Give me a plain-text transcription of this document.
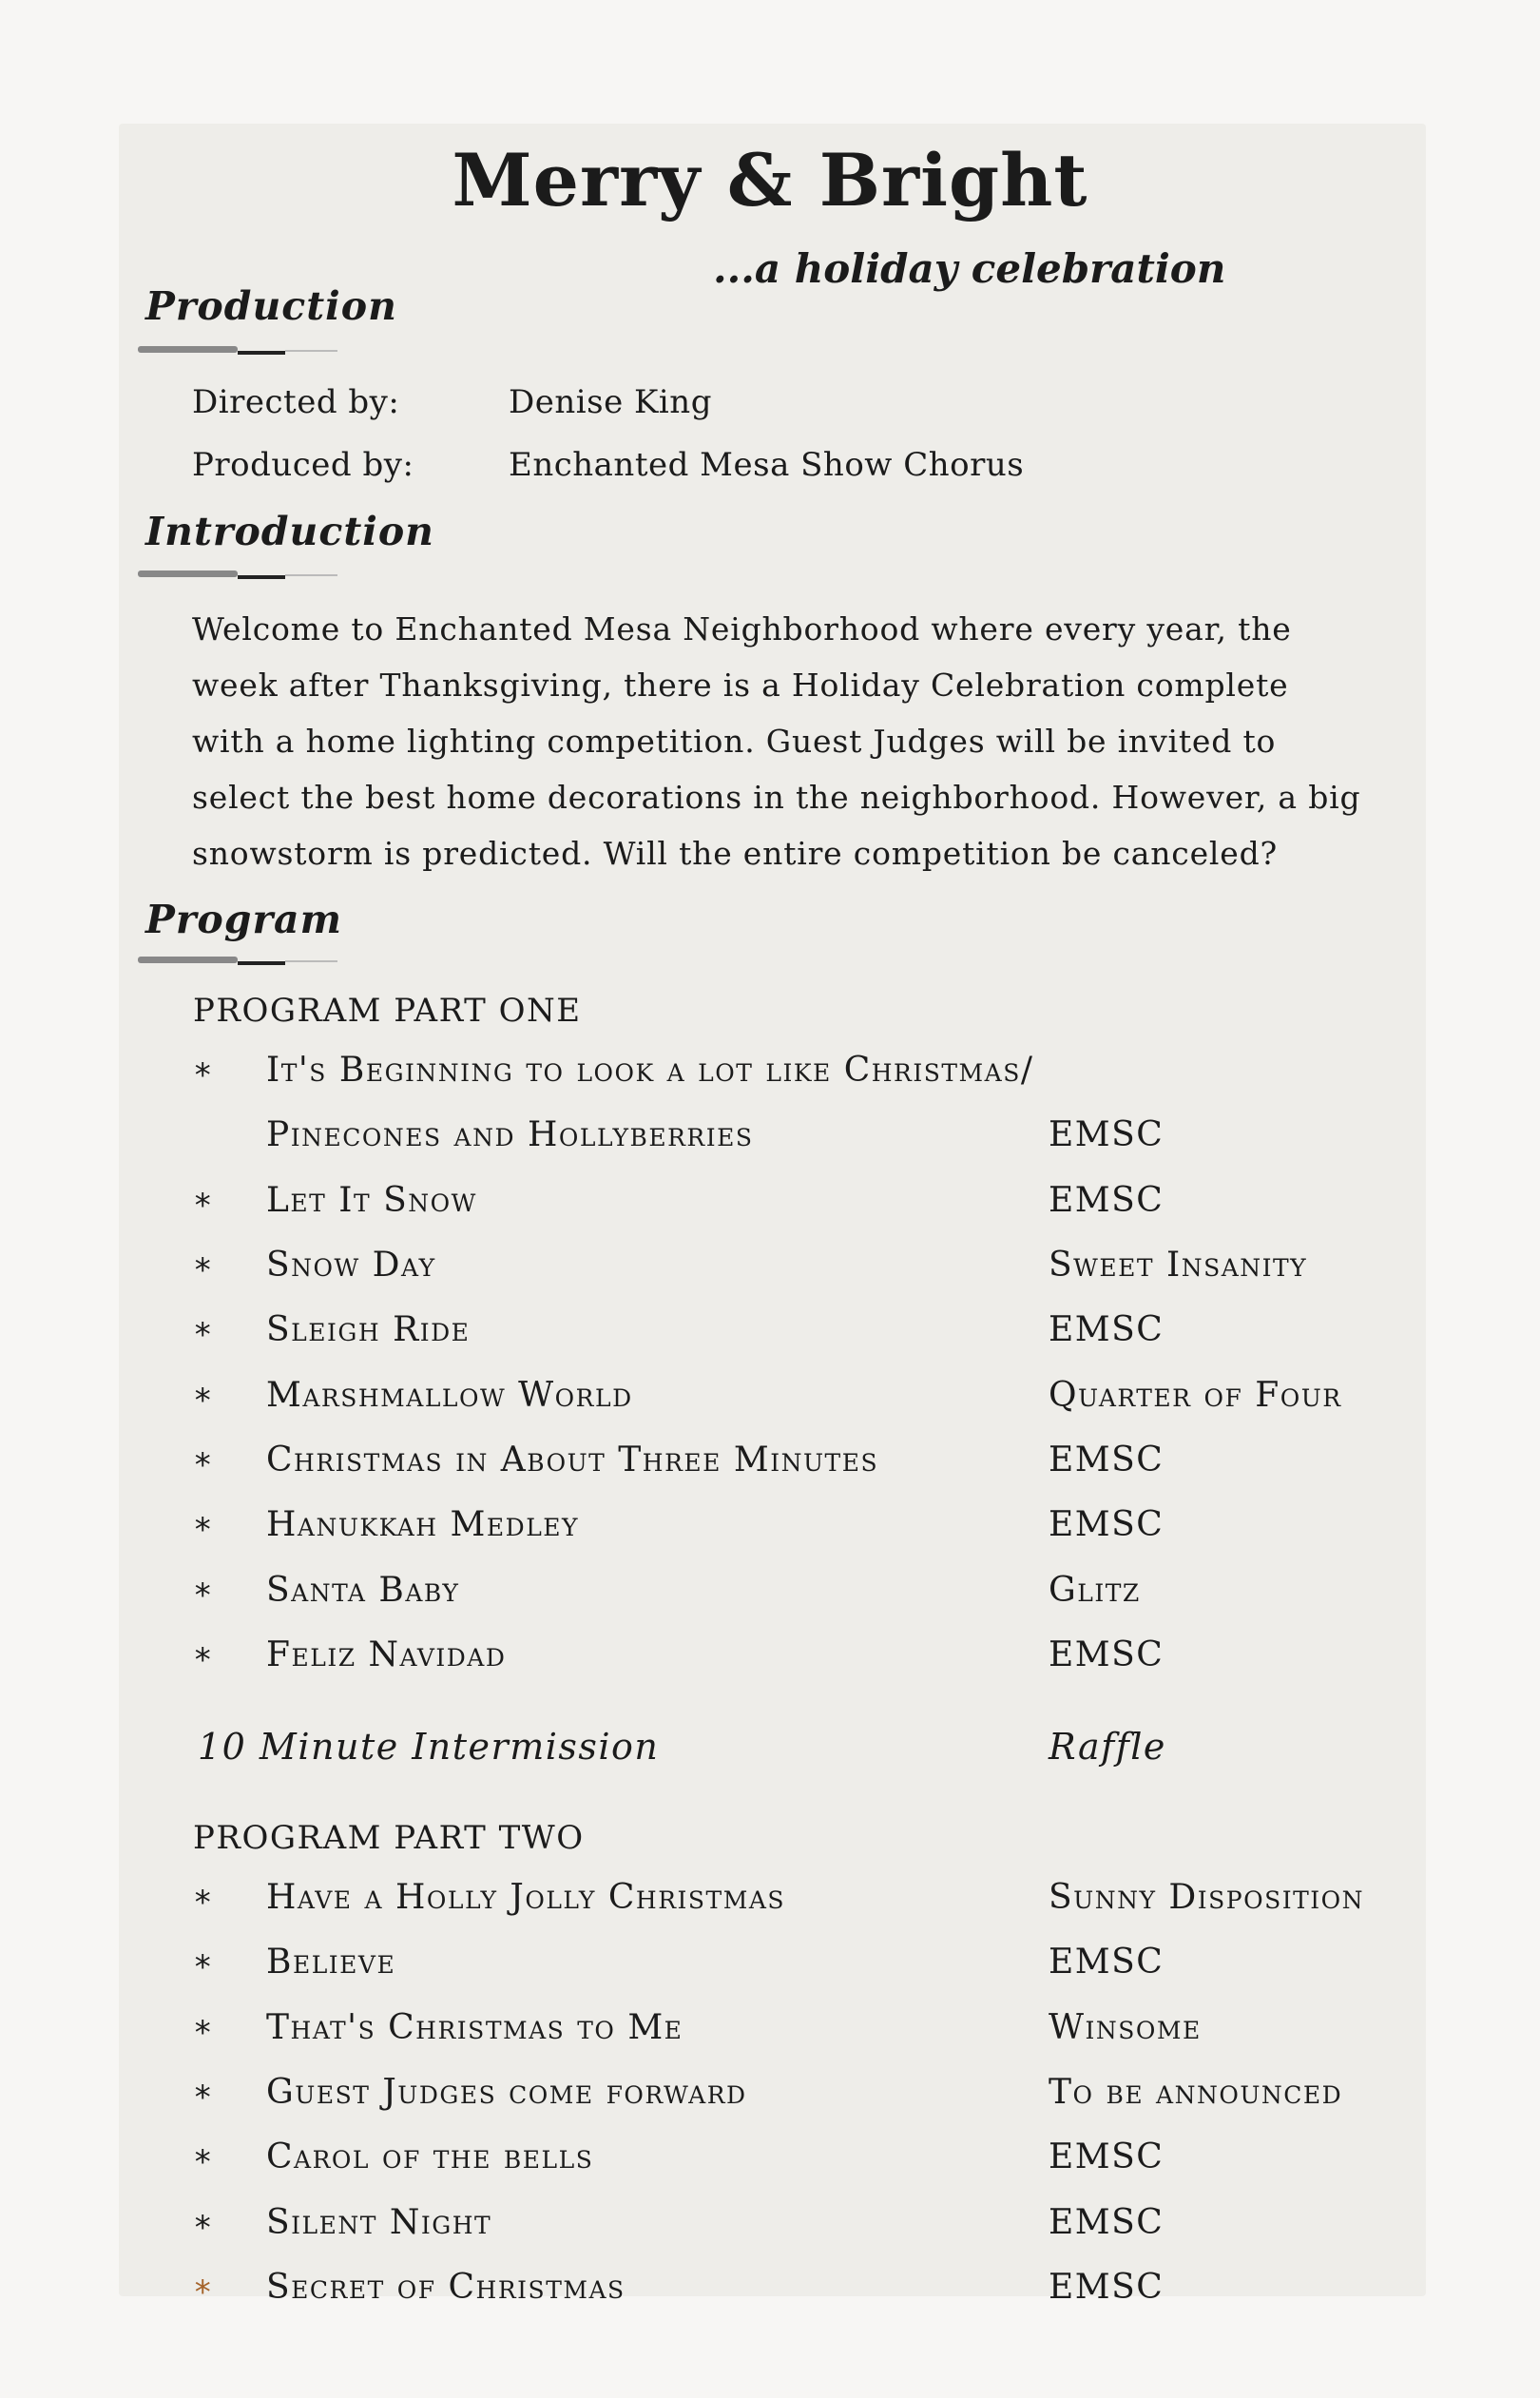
Merry & Bright

...a holiday celebration

Production

Directed by:	Denise King

Produced by:	Enchanted Mesa Show Chorus

Introduction
Welcome to Enchanted Mesa Neighborhood where every year, the
week after Thanksgiving, there is a Holiday Celebration complete
with a home lighting competition. Guest Judges will be invited to
select the best home decorations in the neighborhood. However, a big
snowstorm is predicted. Will the entire competition be canceled?
Program

PROGRAM PART ONE

* It's Beginning to look a lot like Christmas/

Pinecones and Hollyberries	EMSC

* Let It Snow	EMSC

* Snow Day	Sweet Insanity

* Sleigh Ride	EMSC

* Marshmallow World	Quarter of Four

* Christmas in About Three Minutes	EMSC

* Hanukkah Medley	EMSC

* Santa Baby	Glitz

* Feliz Navidad	EMSC

10 Minute Intermission	Raffle

PROGRAM PART TWO

* Have a Holly Jolly Christmas	Sunny Disposition

* Believe	EMSC

* That's Christmas to Me	Winsome

* Guest Judges come forward	To be announced

* Carol of the bells	EMSC

* Silent Night	EMSC

* Secret of Christmas	EMSC
